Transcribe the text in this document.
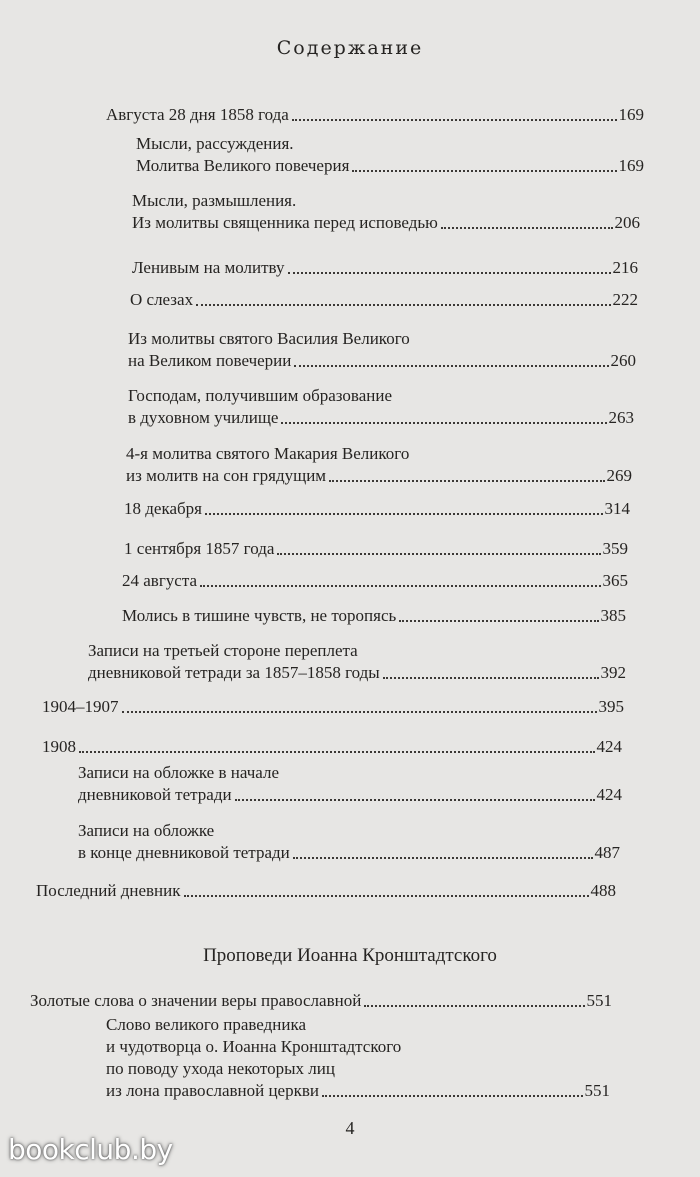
Содержание
Августа 28 дня 1858 года	169
Мысли, рассуждения.
Молитва Великого повечерия	169
Мысли, размышления.
Из молитвы священника перед исповедью	206
Ленивым на молитву	216
О слезах	222
Из молитвы святого Василия Великого
на Великом повечерии	260
Господам, получившим образование
в духовном училище	263
4-я молитва святого Макария Великого
из молитв на сон грядущим	269
18 декабря	314
1 сентября 1857 года	359
24 августа	365
Молись в тишине чувств, не торопясь	385
Записи на третьей стороне переплета
дневниковой тетради за 1857–1858 годы	392
1904–1907	395
1908	424
Записи на обложке в начале
дневниковой тетради	424
Записи на обложке
в конце дневниковой тетради	487
Последний дневник	488
Золотые слова о значении веры православной	551
Слово великого праведника
и чудотворца о. Иоанна Кронштадтского
по поводу ухода некоторых лиц
из лона православной церкви	551
Проповеди Иоанна Кронштадтского
4
bookclub.by
